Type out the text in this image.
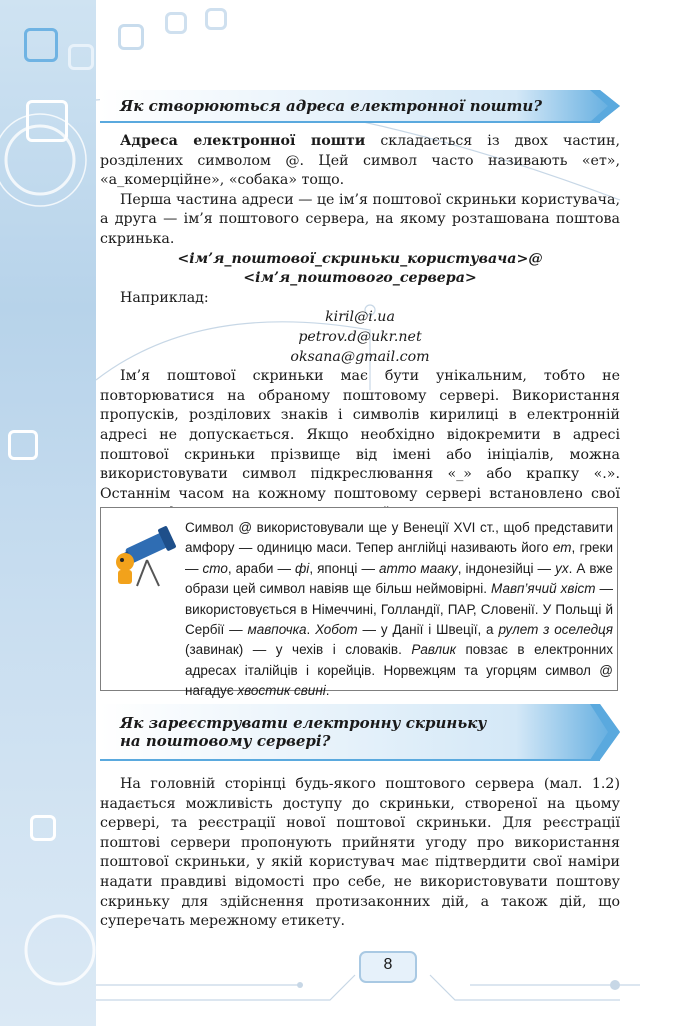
Як створюються адреса електронної пошти?

Адреса електронної пошти складається із двох частин, розділених символом @. Цей символ часто називають «ет», «а_комерційне», «собака» тощо.

Перша частина адреси — це ім’я поштової скриньки користувача, а друга — ім’я поштового сервера, на якому розташована поштова скринька.

<ім’я_поштової_скриньки_користувача>@

<ім’я_поштового_сервера>

Наприклад:

kiril@i.ua

petrov.d@ukr.net

oksana@gmail.com

Ім’я поштової скриньки має бути унікальним, тобто не повторюватися на обраному поштовому сервері. Використання пропусків, розділових знаків і символів кирилиці в електронній адресі не допускається. Якщо необхідно відокремити в адресі поштової скриньки прізвище від імені або ініціалів, можна використовувати символ підкреслювання «_» або крапку «.». Останнім часом на кожному поштовому сервері встановлено свої

Символ @ використовували ще у Венеції XVI ст., щоб представити амфору — одиницю маси. Тепер англійці називають його ет, греки — сто, араби — фі, японці — атто мааку, індонезійці — ух. А вже образи цей символ навіяв ще більш неймовірні. Мавп’ячий хвіст — використовується в Німеччині, Голландії, ПАР, Словенії. У Польщі й Сербії — мавпочка. Хобот — у Данії і Швеції, а рулет з оселедця (завинак) — у чехів і словаків. Равлик повзає в електронних адресах італійців і корейців. Норвежцям та угорцям символ @ нагадує хвостик свині.
Як зареєструвати електронну скриньку
на поштовому сервері?

На головній сторінці будь-якого поштового сервера (мал. 1.2) надається можливість доступу до скриньки, створеної на цьому сервері, та реєстрації нової поштової скриньки. Для реєстрації поштові сервери пропонують прийняти угоду про використання поштової скриньки, у якій користувач має підтвердити свої наміри надати правдиві відомості про себе, не використовувати поштову скриньку для здійснення протизаконних дій, а також дій, що суперечать мережному етикету.

8
